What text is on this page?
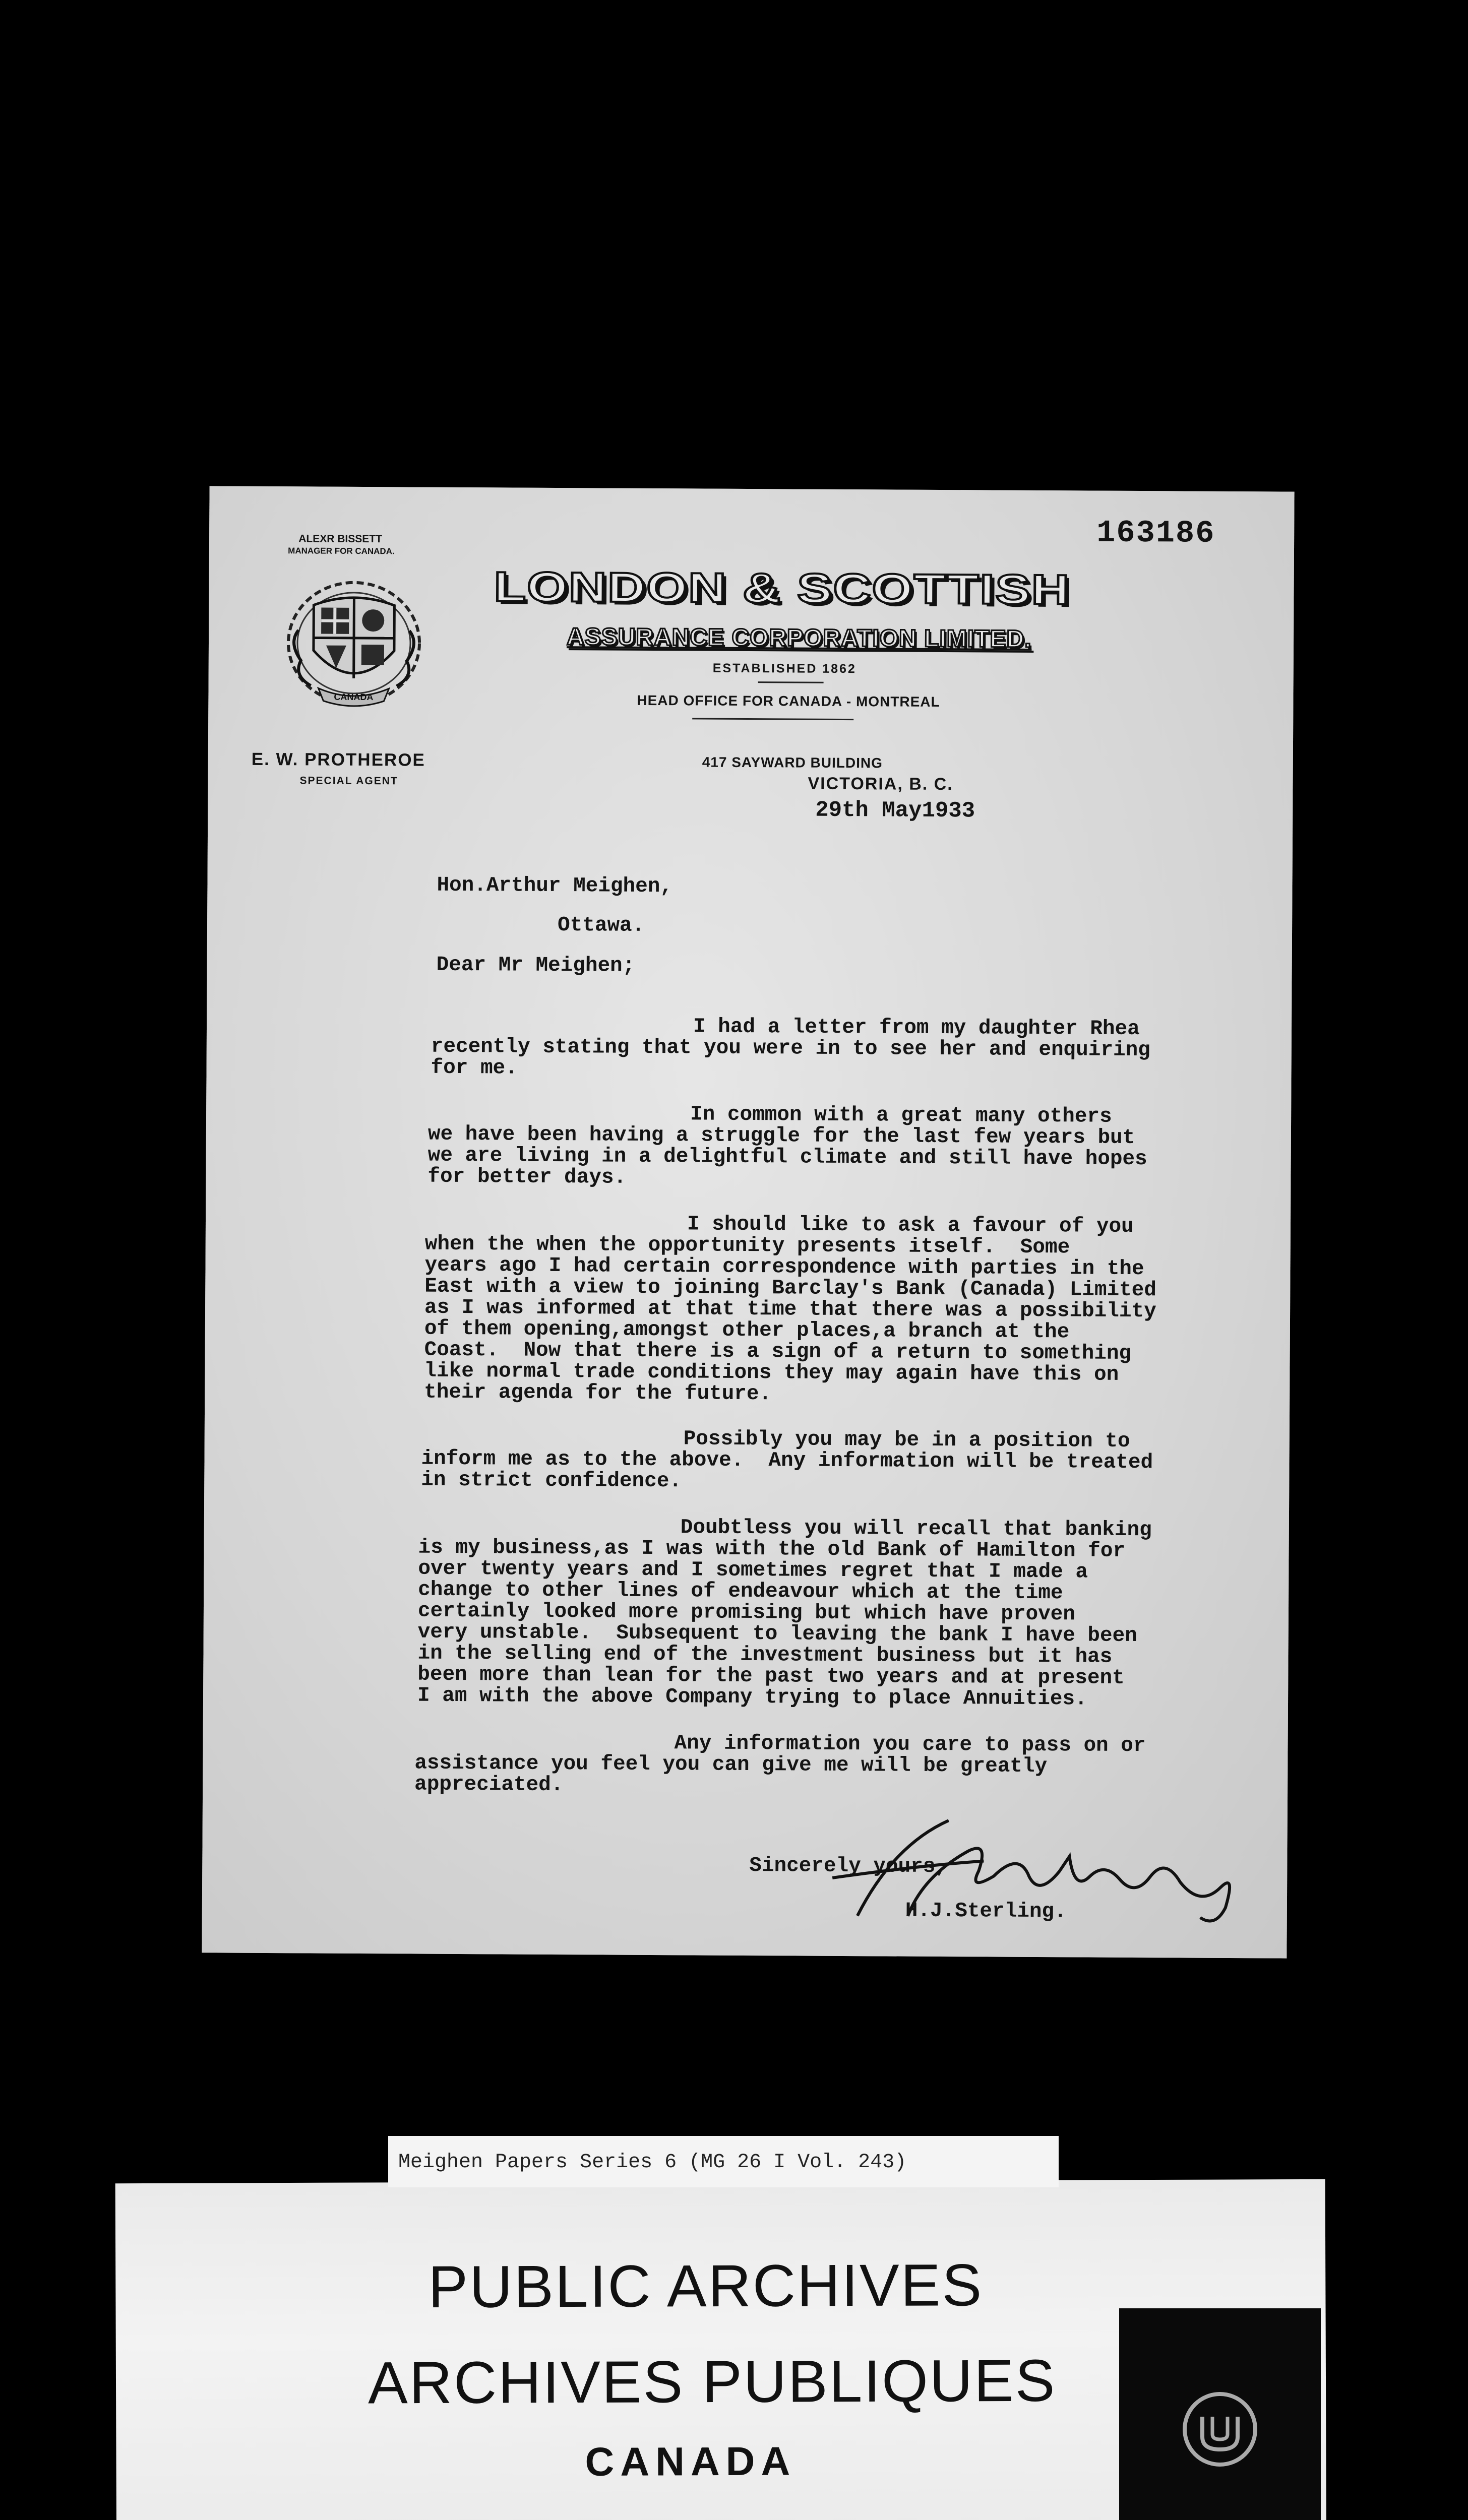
163186
ALEXR BISSETT
MANAGER FOR CANADA.
CANADA
LONDON & SCOTTISH
ASSURANCE CORPORATION LIMITED.
ESTABLISHED 1862
HEAD OFFICE FOR CANADA - MONTREAL
E. W. PROTHEROE
SPECIAL AGENT
417 SAYWARD BUILDING
VICTORIA, B. C.
29th May1933
Hon.Arthur Meighen,
Ottawa.
Dear Mr Meighen;
I had a letter from my daughter Rhea
recently stating that you were in to see her and enquiring
for me.
In common with a great many others
we have been having a struggle for the last few years but
we are living in a delightful climate and still have hopes
for better days.
I should like to ask a favour of you
when the when the opportunity presents itself.  Some
years ago I had certain correspondence with parties in the
East with a view to joining Barclay's Bank (Canada) Limited
as I was informed at that time that there was a possibility
of them opening,amongst other places,a branch at the
Coast.  Now that there is a sign of a return to something
like normal trade conditions they may again have this on
their agenda for the future.
Possibly you may be in a position to
inform me as to the above.  Any information will be treated
in strict confidence.
Doubtless you will recall that banking
is my business,as I was with the old Bank of Hamilton for
over twenty years and I sometimes regret that I made a
change to other lines of endeavour which at the time
certainly looked more promising but which have proven
very unstable.  Subsequent to leaving the bank I have been
in the selling end of the investment business but it has
been more than lean for the past two years and at present
I am with the above Company trying to place Annuities.
Any information you care to pass on or
assistance you feel you can give me will be greatly
appreciated.
Sincerely yours,
H.J.Sterling.
PUBLIC ARCHIVES
ARCHIVES PUBLIQUES
CANADA
Meighen Papers Series 6 (MG 26 I Vol. 243)
